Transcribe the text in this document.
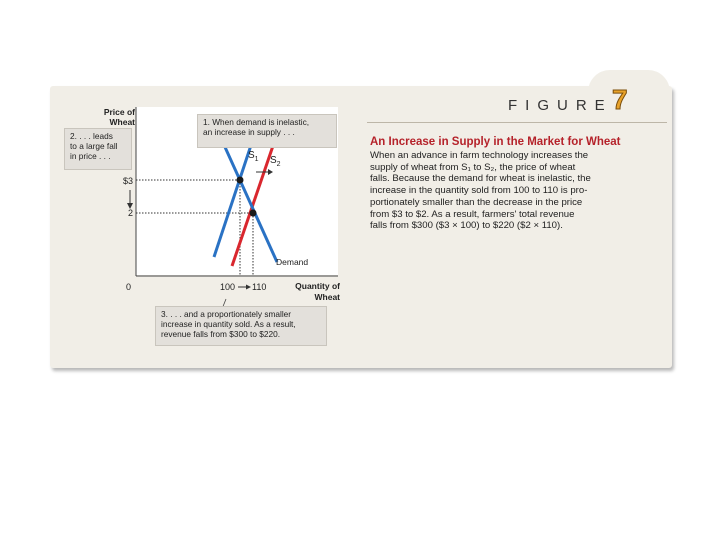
FIGURE 7
An Increase in Supply in the Market for Wheat
When an advance in farm technology increases the
supply of wheat from S₁ to S₂, the price of wheat
falls. Because the demand for wheat is inelastic, the
increase in the quantity sold from 100 to 110 is pro-
portionately smaller than the decrease in the price
from $3 to $2. As a result, farmers' total revenue
falls from $300 ($3 × 100) to $220 ($2 × 110).
Price of
Wheat
Quantity of
Wheat
0
$3
2
$S_1$ $S_2$
Demand
100 110
1. When demand is inelastic,
an increase in supply . . .
2. . . . leads
to a large fall
in price . . .
3. . . . and a proportionately smaller
increase in quantity sold. As a result,
revenue falls from $300 to $220.
